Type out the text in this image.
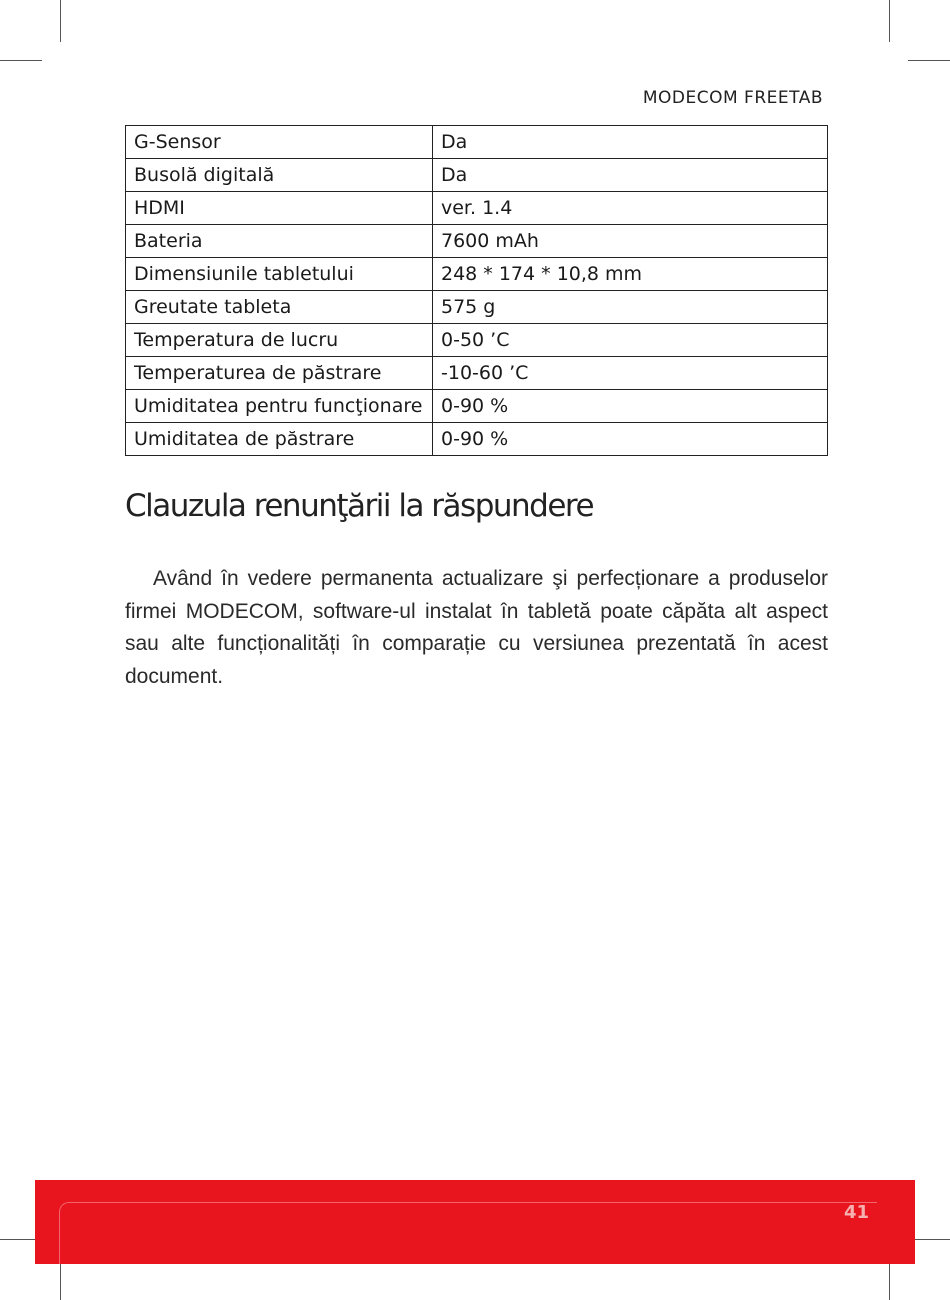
MODECOM FREETAB
G-Sensor	Da
Busolă digitală	Da
HDMI	ver. 1.4
Bateria	7600 mAh
Dimensiunile tabletului	248 * 174 * 10,8 mm
Greutate tableta	575 g
Temperatura de lucru	0-50 ’C
Temperaturea de păstrare	-10-60 ’C
Umiditatea pentru funcţionare	0-90 %
Umiditatea de păstrare	0-90 %
Clauzula renunţării la răspundere

Având în vedere permanenta actualizare şi perfecționare a produselor firmei MODECOM, software-ul instalat în tabletă poate căpăta alt aspect sau alte funcționalități în comparație cu versiunea prezentată în acest document.

41
